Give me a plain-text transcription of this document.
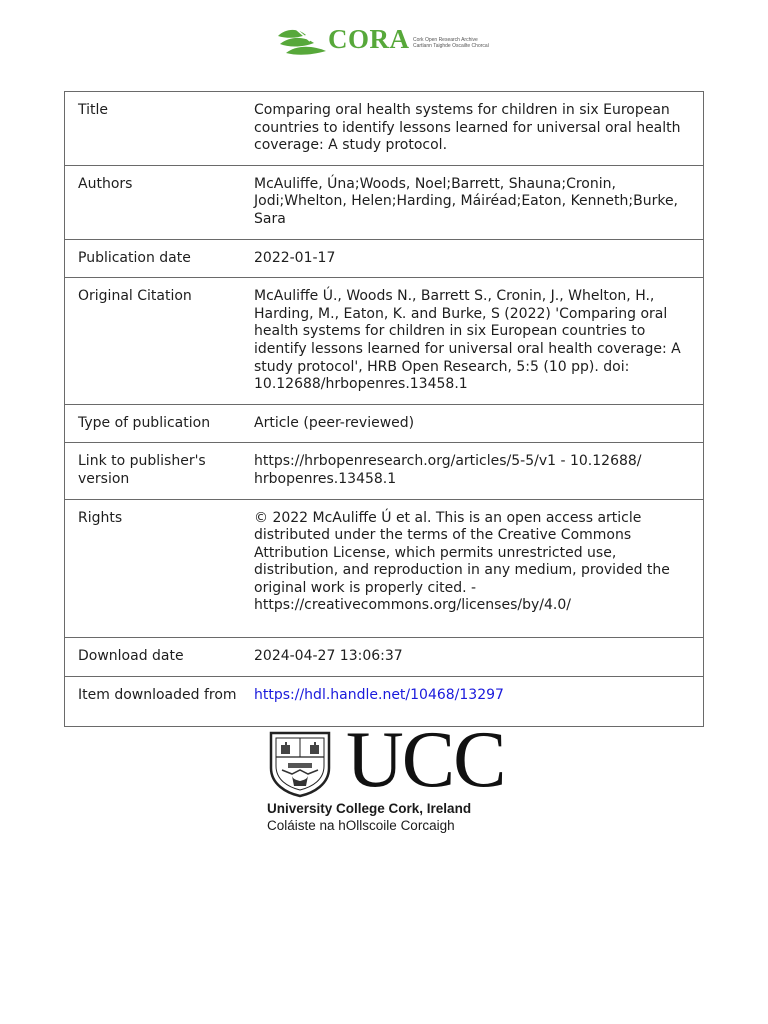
CORA Cork Open Research Archive
Cartlann Taighde Oscailte Chorcaí
Title	Comparing oral health systems for children in six European countries to identify lessons learned for universal oral health coverage: A study protocol.
Authors	McAuliffe, Úna;Woods, Noel;Barrett, Shauna;Cronin, Jodi;Whelton, Helen;Harding, Máiréad;Eaton, Kenneth;Burke, Sara
Publication date	2022-01-17
Original Citation	McAuliffe Ú., Woods N., Barrett S., Cronin, J., Whelton, H., Harding, M., Eaton, K. and Burke, S (2022) 'Comparing oral health systems for children in six European countries to identify lessons learned for universal oral health coverage: A study protocol', HRB Open Research, 5:5 (10 pp). doi: 10.12688/hrbopenres.13458.1
Type of publication	Article (peer-reviewed)
Link to publisher's version	https://hrbopenresearch.org/articles/5-5/v1 - 10.12688/ hrbopenres.13458.1
Rights	© 2022 McAuliffe Ú et al. This is an open access article distributed under the terms of the Creative Commons Attribution License, which permits unrestricted use, distribution, and reproduction in any medium, provided the original work is properly cited. - https://creativecommons.org/licenses/by/4.0/
Download date	2024-04-27 13:06:37
Item downloaded from	https://hdl.handle.net/10468/13297
UCC
University College Cork, Ireland
Coláiste na hOllscoile Corcaigh
